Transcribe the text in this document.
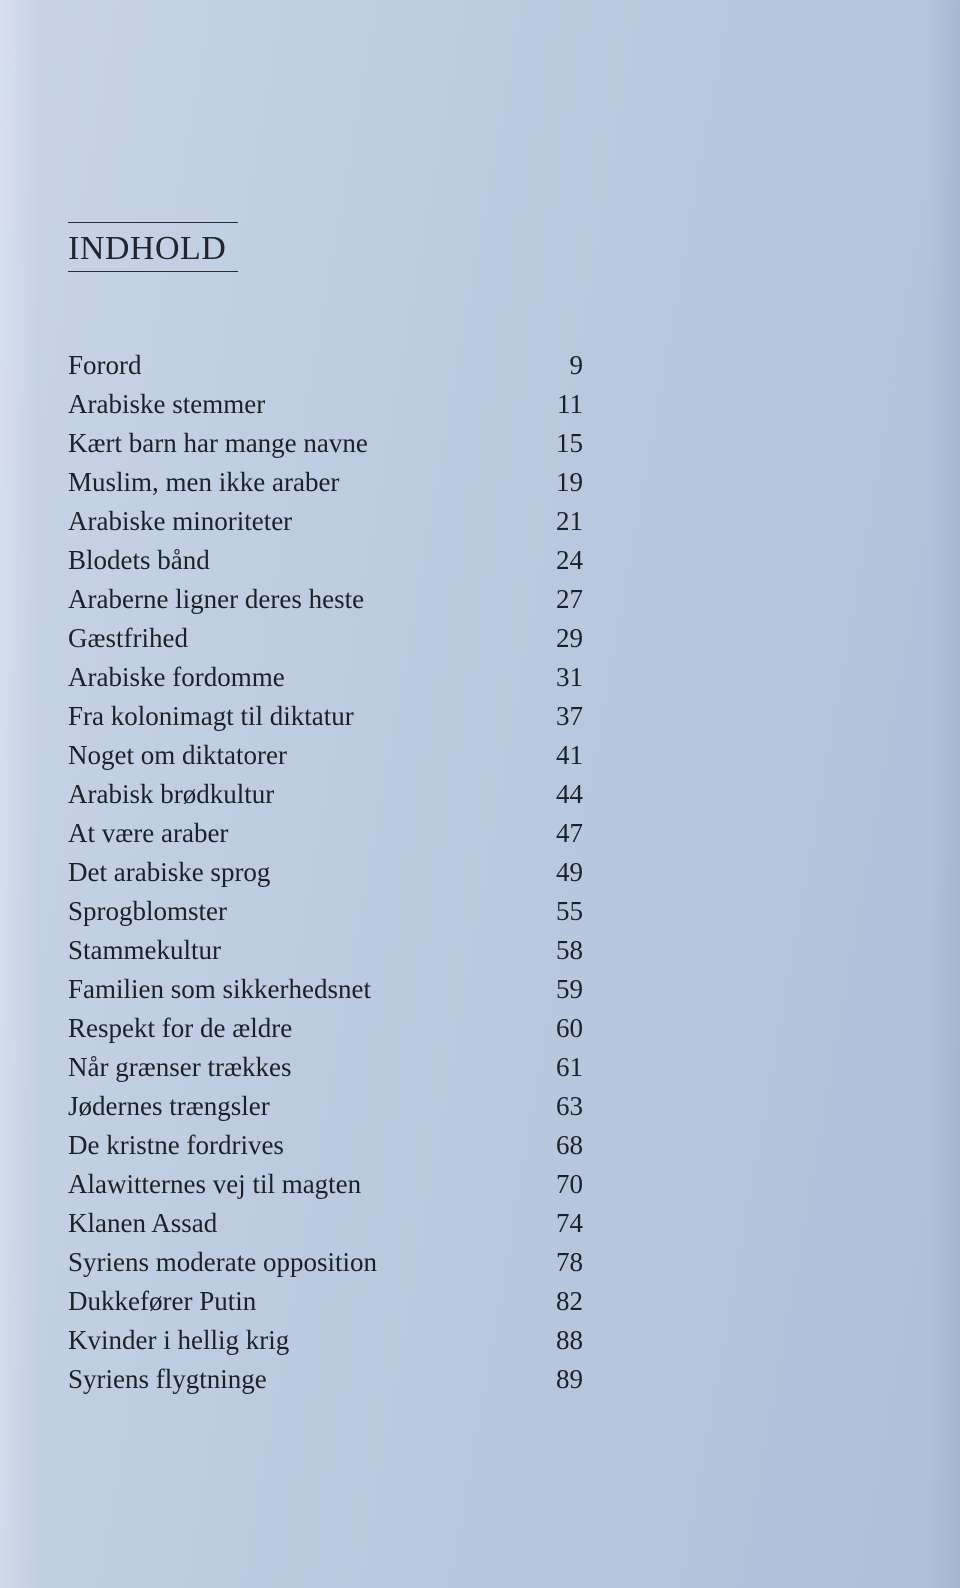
INDHOLD
Forord	9
Arabiske stemmer	11
Kært barn har mange navne	15
Muslim, men ikke araber	19
Arabiske minoriteter	21
Blodets bånd	24
Araberne ligner deres heste	27
Gæstfrihed	29
Arabiske fordomme	31
Fra kolonimagt til diktatur	37
Noget om diktatorer	41
Arabisk brødkultur	44
At være araber	47
Det arabiske sprog	49
Sprogblomster	55
Stammekultur	58
Familien som sikkerhedsnet	59
Respekt for de ældre	60
Når grænser trækkes	61
Jødernes trængsler	63
De kristne fordrives	68
Alawitternes vej til magten	70
Klanen Assad	74
Syriens moderate opposition	78
Dukkefører Putin	82
Kvinder i hellig krig	88
Syriens flygtninge	89
